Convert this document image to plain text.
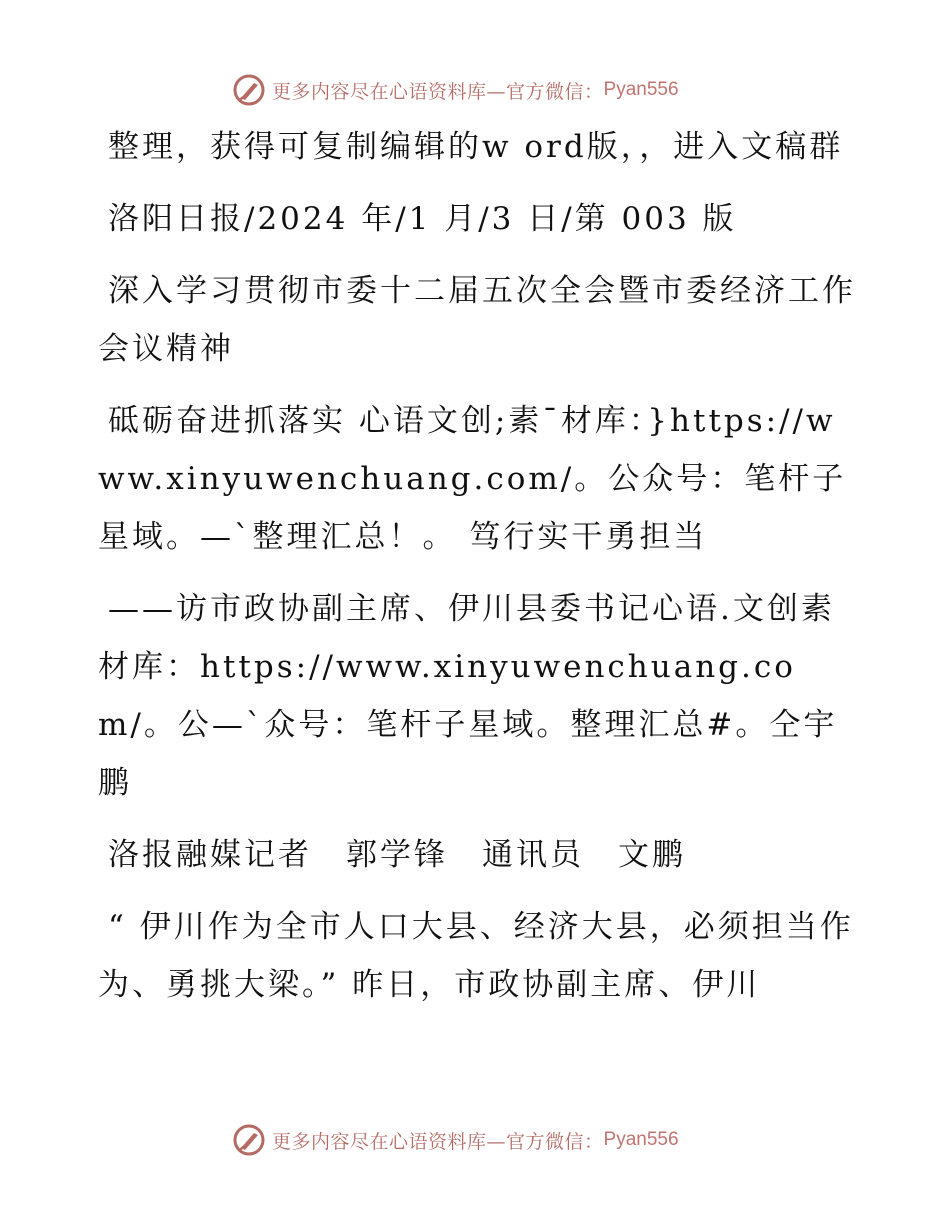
更多内容尽在心语资料库—官方微信： Pyan556

整理，获得可复制编辑的w ord版，，进入文稿群

洛阳日报/2024 年/1 月/3 日/第 003 版

深入学习贯彻市委十二届五次全会暨市委经济工作会议精神

砥砺奋进抓落实 心语文创;素¯材库：}https://www.xinyuwenchuang.com/。公众号：笔杆子星域。—`整理汇总！。 笃行实干勇担当

——访市政协副主席、伊川县委书记心语.文创素材库：https://www.xinyuwenchuang.com/。公—`众号：笔杆子星域。整理汇总#。仝宇鹏

洛报融媒记者　郭学锋　通讯员　文鹏

“ 伊川作为全市人口大县、经济大县，必须担当作为、勇挑大梁。” 昨日，市政协副主席、伊川

更多内容尽在心语资料库—官方微信： Pyan556
